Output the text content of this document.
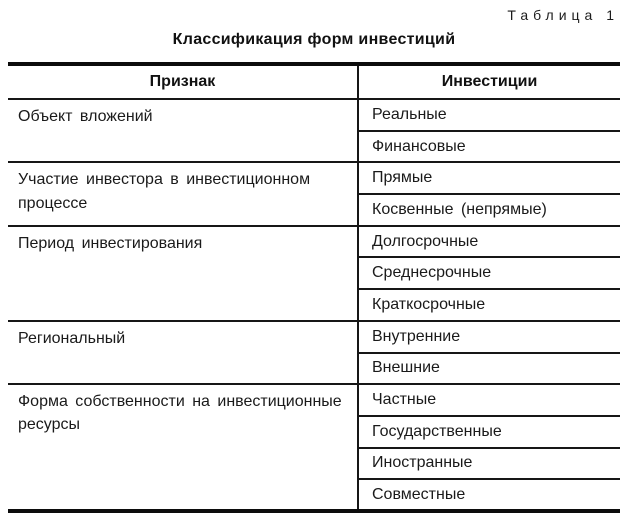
Таблица 1
Классификация форм инвестиций
Признак	Инвестиции
Объект вложений	Реальные
	Финансовые
Участие инвестора в инвестиционном процессе	Прямые
	Косвенные (непрямые)
Период инвестирования	Долгосрочные
	Среднесрочные
	Краткосрочные
Региональный	Внутренние
	Внешние
Форма собственности на инвестиционные ресурсы	Частные
	Государственные
	Иностранные
	Совместные
